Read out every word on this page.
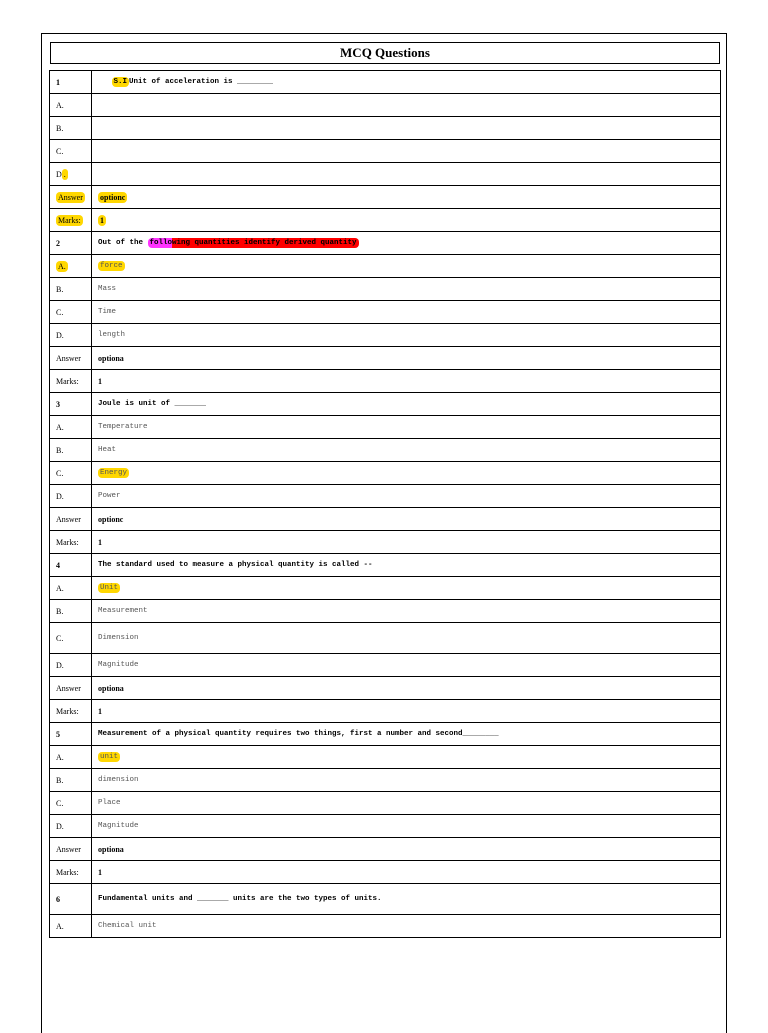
MCQ Questions
1	S.I Unit of acceleration is ________
A.	
B.	
C.	
D .	
Answer	optionc
Marks:	1
2	Out of the following quantities identify derived quantity
A.	force
B.	Mass
C.	Time
D.	length
Answer	optiona
Marks:	1
3	Joule is unit of _______
A.	Temperature
B.	Heat
C.	Energy
D.	Power
Answer	optionc
Marks:	1
4	The standard used to measure a physical quantity is called --
A.	Unit
B.	Measurement
C.	Dimension
D.	Magnitude
Answer	optiona
Marks:	1
5	Measurement of a physical quantity requires two things, first a number and second________
A.	unit
B.	dimension
C.	Place
D.	Magnitude
Answer	optiona
Marks:	1
6	Fundamental units and _______ units are the two types of units.
A.	Chemical unit
